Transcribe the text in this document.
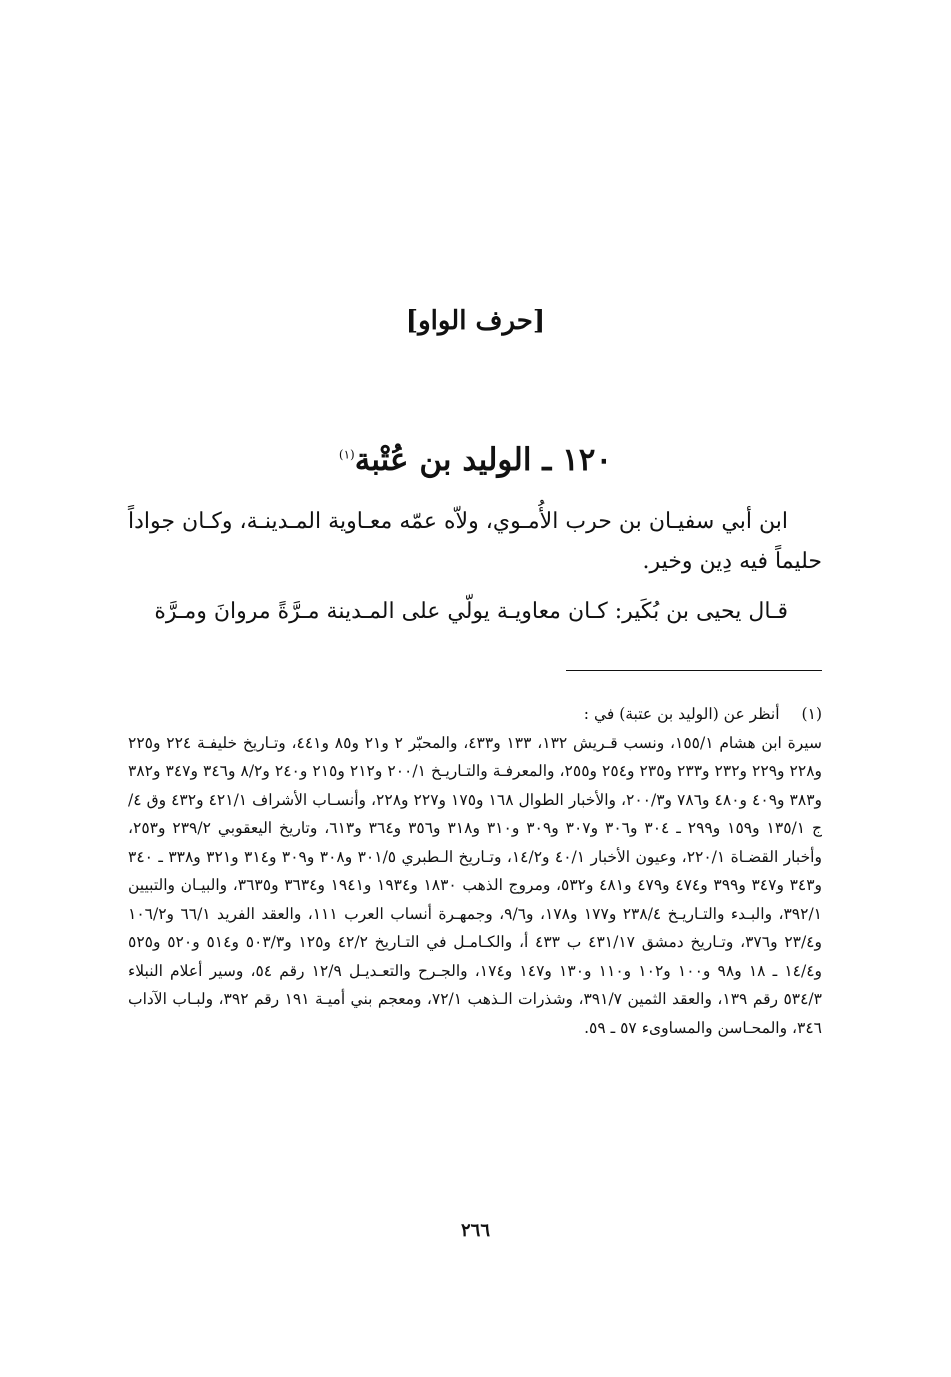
[حرف الواو]
١٢٠ ـ الوليد بن عُتْبة$^{(١)}$

ابن أبي سفيـان بن حرب الأُمـوي، ولاّه عمّه معـاوية المـدينـة، وكـان جواداً حليماً فيه دِين وخير.

قـال يحيى بن بُكَير: كـان معاويـة يولّي على المـدينة مـرَّةً مروانَ ومـرَّة

(١)أنظر عن (الوليد بن عتبة) في :
سيرة ابن هشام ١٥٥/١، ونسب قـريش ١٣٢، ١٣٣ و٤٣٣، والمحبّر ٢ و٢١ و٨٥ و٤٤١، وتـاريخ خليفـة ٢٢٤ و٢٢٥ و٢٢٨ و٢٢٩ و٢٣٢ و٢٣٣ و٢٣٥ و٢٥٤ و٢٥٥، والمعرفـة والتـاريـخ ٢٠٠/١ و٢١٢ و٢١٥ و٢٤٠ و٨/٢ و٣٤٦ و٣٤٧ و٣٨٢ و٣٨٣ و٤٠٩ و٤٨٠ و٧٨٦ و٢٠٠/٣، والأخبار الطوال ١٦٨ و١٧٥ و٢٢٧ و٢٢٨، وأنسـاب الأشراف ٤٢١/١ و٤٣٢ وق ٤/ ج ١٣٥/١ و١٥٩ و٢٩٩ ـ ٣٠٤ و٣٠٦ و٣٠٧ و٣٠٩ و٣١٠ و٣١٨ و٣٥٦ و٣٦٤ و٦١٣، وتاريخ اليعقوبي ٢٣٩/٢ و٢٥٣، وأخبار القضـاة ٢٢٠/١، وعيون الأخبار ٤٠/١ و١٤/٢، وتـاريخ الـطبري ٣٠١/٥ و٣٠٨ و٣٠٩ و٣١٤ و٣٢١ و٣٣٨ ـ ٣٤٠ و٣٤٣ و٣٤٧ و٣٩٩ و٤٧٤ و٤٧٩ و٤٨١ و٥٣٢، ومروج الذهب ١٨٣٠ و١٩٣٤ و١٩٤١ و٣٦٣٤ و٣٦٣٥، والبيـان والتبيين ٣٩٢/١، والبـدء والتـاريـخ ٢٣٨/٤ و١٧٧ و١٧٨، و٩/٦، وجمهـرة أنساب العرب ١١١، والعقد الفريد ٦٦/١ و١٠٦/٢ و٢٣/٤ و٣٧٦، وتـاريخ دمشق ٤٣١/١٧ ب ٤٣٣ أ، والكـامـل في التـاريخ ٤٢/٢ و١٢٥ و٥٠٣/٣ و٥١٤ و٥٢٠ و٥٢٥ و١٤/٤ ـ ١٨ و٩٨ و١٠٠ و١٠٢ و١١٠ و١٣٠ و١٤٧ و١٧٤، والجـرح والتعـديـل ١٢/٩ رقم ٥٤، وسير أعلام النبلاء ٥٣٤/٣ رقم ١٣٩، والعقد الثمين ٣٩١/٧، وشذرات الـذهب ٧٢/١، ومعجم بني أميـة ١٩١ رقم ٣٩٢، ولبـاب الآداب ٣٤٦، والمحـاسن والمساوىء ٥٧ ـ ٥٩.
٢٦٦
